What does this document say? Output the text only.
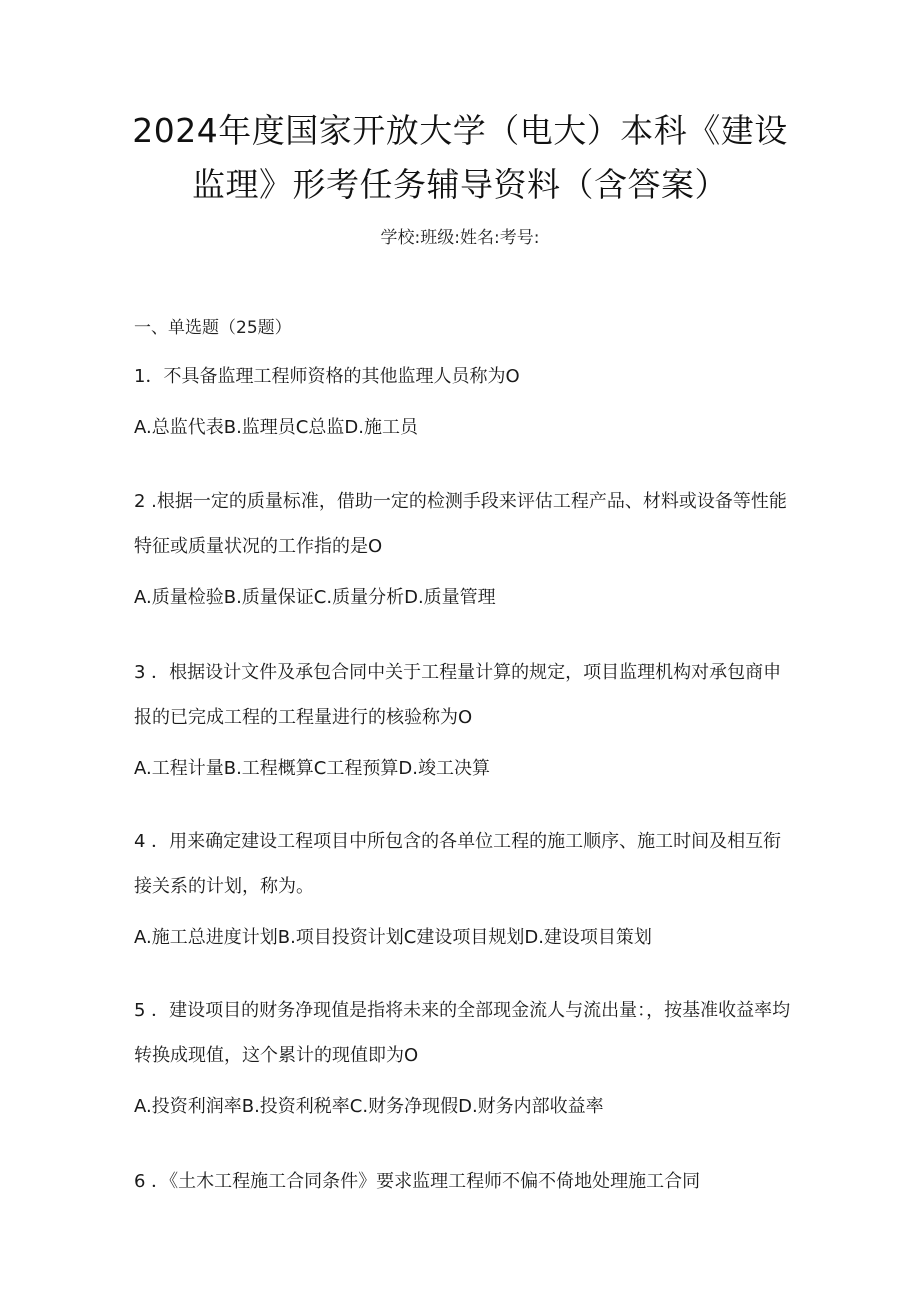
2024年度国家开放大学（电大）本科《建设
监理》形考任务辅导资料（含答案）
学校:班级:姓名:考号:
一、单选题（25题）

1．不具备监理工程师资格的其他监理人员称为O

A.总监代表B.监理员C总监D.施工员

2 .根据一定的质量标准，借助一定的检测手段来评估工程产品、材料或设备等性能特征或质量状况的工作指的是O

A.质量检验B.质量保证C.质量分析D.质量管理

3 ．根据设计文件及承包合同中关于工程量计算的规定，项目监理机构对承包商申报的已完成工程的工程量进行的核验称为O

A.工程计量B.工程概算C工程预算D.竣工决算

4 ．用来确定建设工程项目中所包含的各单位工程的施工顺序、施工时间及相互衔接关系的计划，称为。

A.施工总进度计划B.项目投资计划C建设项目规划D.建设项目策划

5 ．建设项目的财务净现值是指将未来的全部现金流人与流出量：，按基准收益率均转换成现值，这个累计的现值即为O

A.投资利润率B.投资利税率C.财务净现假D.财务内部收益率

6 ．《土木工程施工合同条件》要求监理工程师不偏不倚地处理施工合同
